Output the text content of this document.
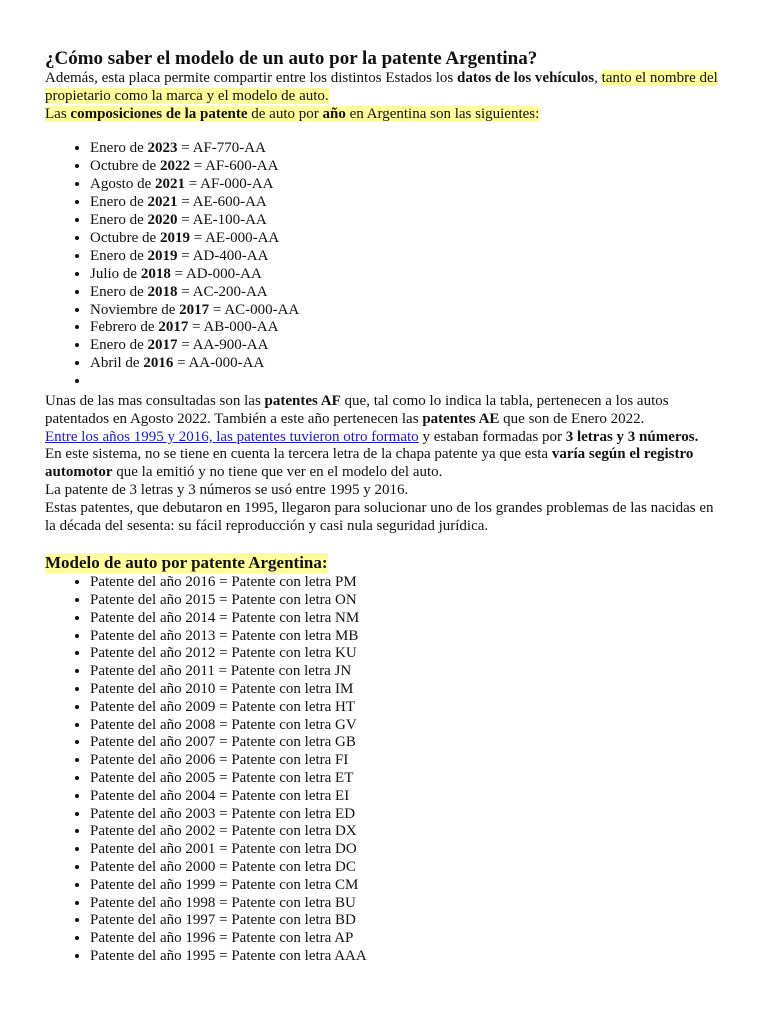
¿Cómo saber el modelo de un auto por la patente Argentina?

Además, esta placa permite compartir entre los distintos Estados los datos de los vehículos, tanto el nombre del propietario como la marca y el modelo de auto.

Las composiciones de la patente de auto por año en Argentina son las siguientes:

• Enero de 2023 = AF-770-AA
• Octubre de 2022 = AF-600-AA
• Agosto de 2021 = AF-000-AA
• Enero de 2021 = AE-600-AA
• Enero de 2020 = AE-100-AA
• Octubre de 2019 = AE-000-AA
• Enero de 2019 = AD-400-AA
• Julio de 2018 = AD-000-AA
• Enero de 2018 = AC-200-AA
• Noviembre de 2017 = AC-000-AA
• Febrero de 2017 = AB-000-AA
• Enero de 2017 = AA-900-AA
• Abril de 2016 = AA-000-AA
•

Unas de las mas consultadas son las patentes AF que, tal como lo indica la tabla, pertenecen a los autos patentados en Agosto 2022. También a este año pertenecen las patentes AE que son de Enero 2022.

Entre los años 1995 y 2016, las patentes tuvieron otro formato y estaban formadas por 3 letras y 3 números.

En este sistema, no se tiene en cuenta la tercera letra de la chapa patente ya que esta varía según el registro automotor que la emitió y no tiene que ver en el modelo del auto.

La patente de 3 letras y 3 números se usó entre 1995 y 2016.

Estas patentes, que debutaron en 1995, llegaron para solucionar uno de los grandes problemas de las nacidas en la década del sesenta: su fácil reproducción y casi nula seguridad jurídica.

Modelo de auto por patente Argentina:
• Patente del año 2016 = Patente con letra PM
• Patente del año 2015 = Patente con letra ON
• Patente del año 2014 = Patente con letra NM
• Patente del año 2013 = Patente con letra MB
• Patente del año 2012 = Patente con letra KU
• Patente del año 2011 = Patente con letra JN
• Patente del año 2010 = Patente con letra IM
• Patente del año 2009 = Patente con letra HT
• Patente del año 2008 = Patente con letra GV
• Patente del año 2007 = Patente con letra GB
• Patente del año 2006 = Patente con letra FI
• Patente del año 2005 = Patente con letra ET
• Patente del año 2004 = Patente con letra EI
• Patente del año 2003 = Patente con letra ED
• Patente del año 2002 = Patente con letra DX
• Patente del año 2001 = Patente con letra DO
• Patente del año 2000 = Patente con letra DC
• Patente del año 1999 = Patente con letra CM
• Patente del año 1998 = Patente con letra BU
• Patente del año 1997 = Patente con letra BD
• Patente del año 1996 = Patente con letra AP
• Patente del año 1995 = Patente con letra AAA
